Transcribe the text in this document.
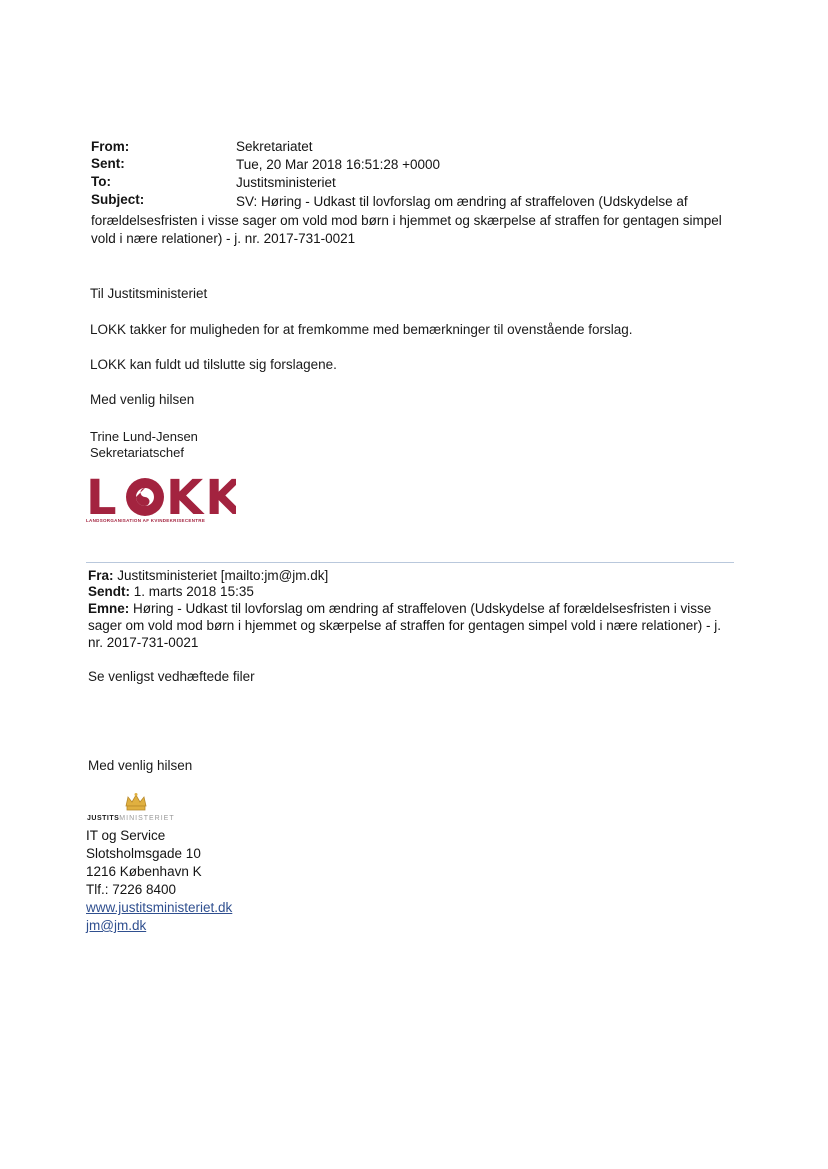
From:	Sekretariatet
Sent:	Tue, 20 Mar 2018 16:51:28 +0000
To:	Justitsministeriet
Subject:	SV: Høring - Udkast til lovforslag om ændring af straffeloven (Udskydelse af
forældelsesfristen i visse sager om vold mod børn i hjemmet og skærpelse af straffen for gentagen simpel
vold i nære relationer) - j. nr. 2017-731-0021
Til Justitsministeriet
LOKK takker for muligheden for at fremkomme med bemærkninger til ovenstående forslag.
LOKK kan fuldt ud tilslutte sig forslagene.
Med venlig hilsen
Trine Lund-Jensen
Sekretariatschef
L KK
LANDSORGANISATION AF KVINDEKRISECENTRE
Fra: Justitsministeriet [mailto:jm@jm.dk]
Sendt: 1. marts 2018 15:35
Emne: Høring - Udkast til lovforslag om ændring af straffeloven (Udskydelse af forældelsesfristen i visse
sager om vold mod børn i hjemmet og skærpelse af straffen for gentagen simpel vold i nære relationer) - j.
nr. 2017-731-0021
Se venligst vedhæftede filer
Med venlig hilsen
JUSTITSMINISTERIET
IT og Service
Slotsholmsgade 10
1216 København K
Tlf.: 7226 8400
www.justitsministeriet.dk
jm@jm.dk
